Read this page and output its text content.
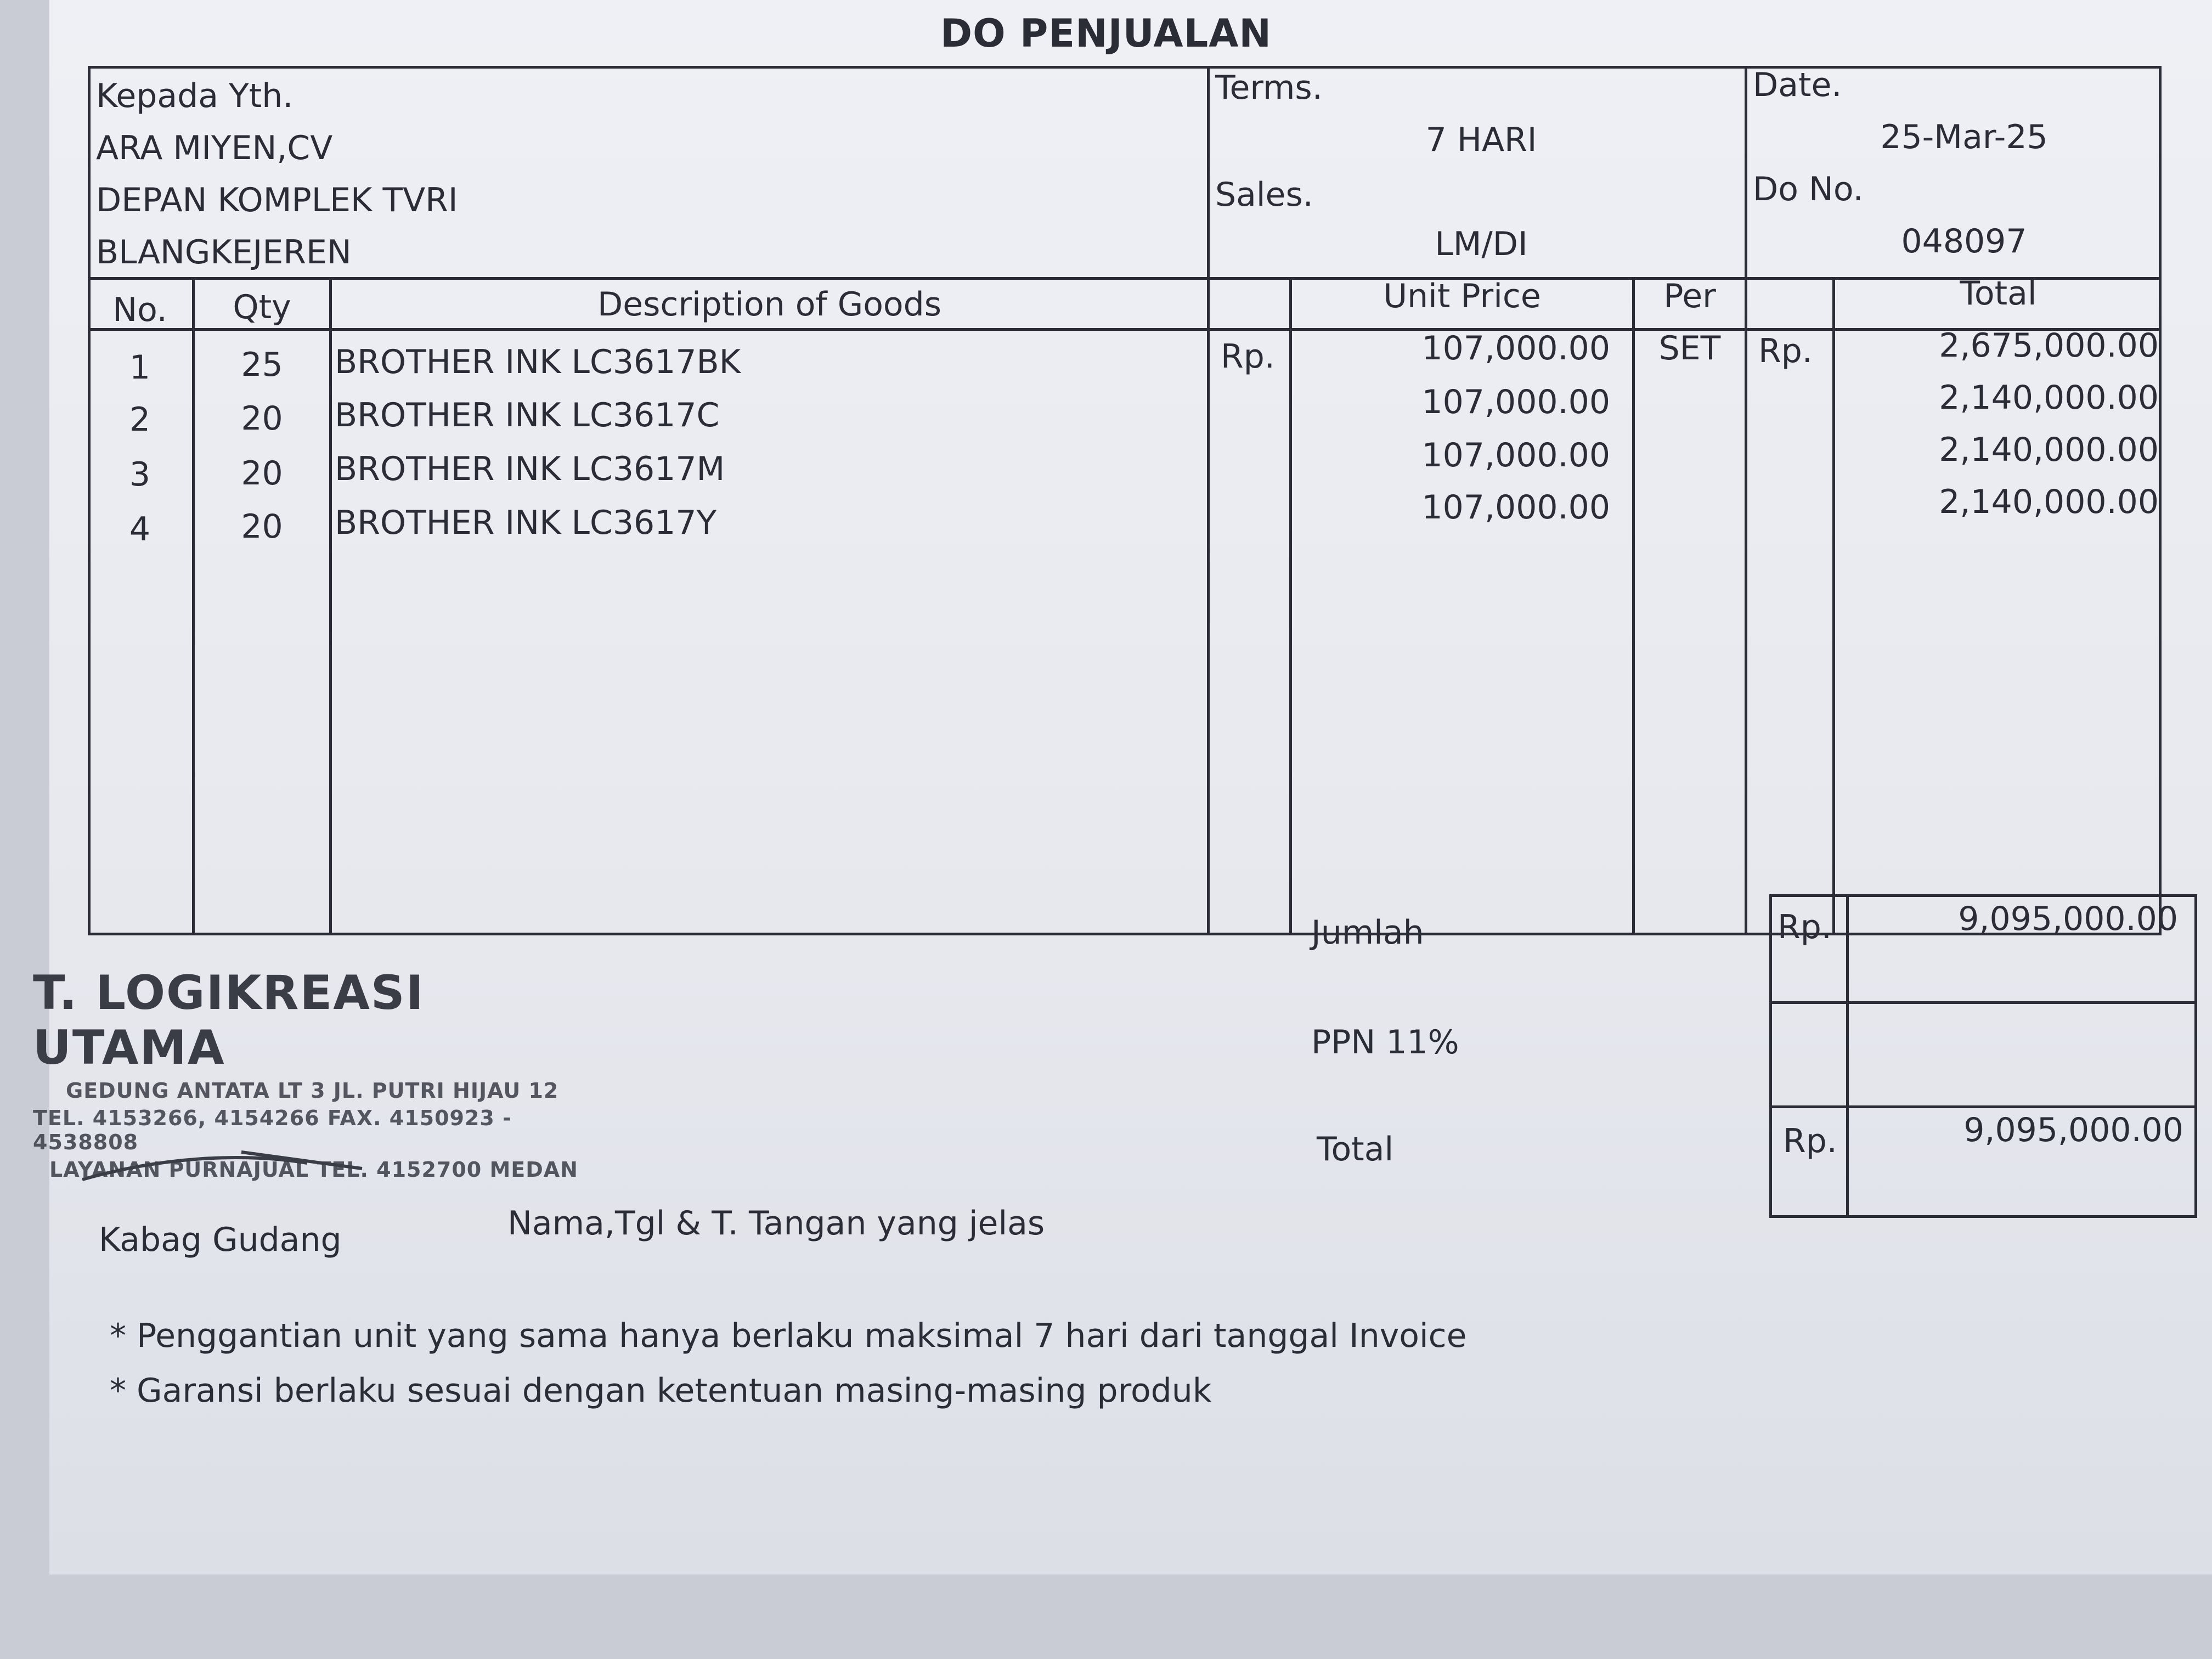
DO PENJUALAN
Kepada Yth.
ARA MIYEN,CV
DEPAN KOMPLEK TVRI
BLANGKEJEREN
Terms.
7 HARI
Sales.
LM/DI
Date.
25-Mar-25
Do No.
048097
No.	Qty	Description of Goods	Unit Price	Per	Total
1	25	BROTHER INK LC3617BK	Rp.	107,000.00	SET	Rp.	2,675,000.00
2	20	BROTHER INK LC3617C	107,000.00	2,140,000.00
3	20	BROTHER INK LC3617M	107,000.00	2,140,000.00
4	20	BROTHER INK LC3617Y	107,000.00	2,140,000.00
Jumlah	Rp.	9,095,000.00
PPN 11%
Total	Rp.	9,095,000.00
T. LOGIKREASI UTAMA
GEDUNG ANTATA LT 3 JL. PUTRI HIJAU 12
TEL. 4153266, 4154266 FAX. 4150923 - 4538808
LAYANAN PURNAJUAL TEL. 4152700 MEDAN
Kabag Gudang	Nama,Tgl & T. Tangan yang jelas
* Penggantian unit yang sama hanya berlaku maksimal 7 hari dari tanggal Invoice
* Garansi berlaku sesuai dengan ketentuan masing-masing produk
